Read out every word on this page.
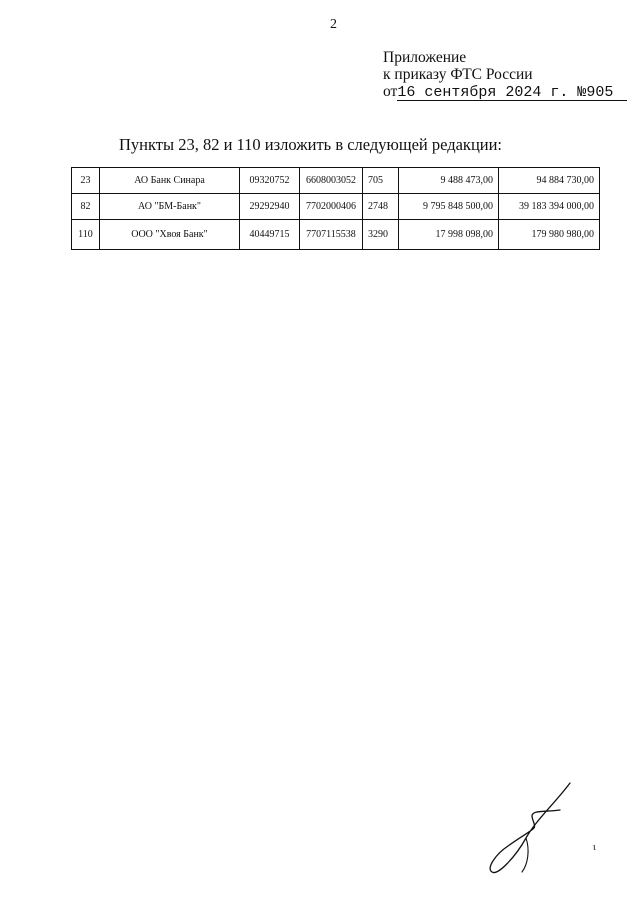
2
Приложение
к приказу ФТС России
от16 сентября 2024 г. №905
Пункты 23, 82 и 110 изложить в следующей редакции:
23	АО Банк Синара	09320752	6608003052	705	9 488 473,00	94 884 730,00
82	АО "БМ-Банк"	29292940	7702000406	2748	9 795 848 500,00	39 183 394 000,00
110	ООО "Хвоя Банк"	40449715	7707115538	3290	17 998 098,00	179 980 980,00
ι
